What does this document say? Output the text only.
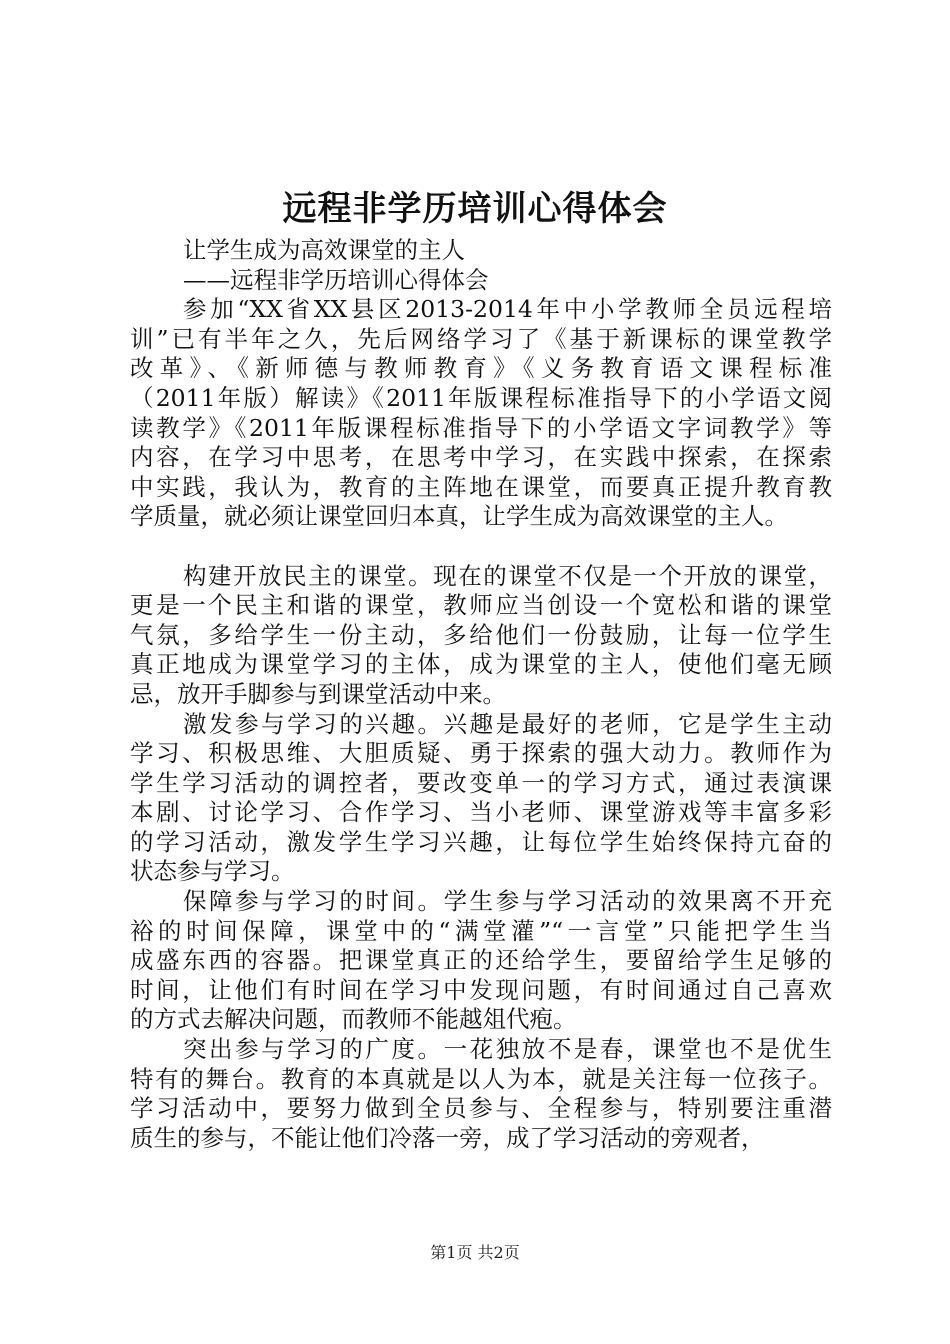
远程非学历培训心得体会
让学生成为高效课堂的主人
——远程非学历培训心得体会
参加“XX省XX县区2013-2014年中小学教师全员远程培
训”已有半年之久，先后网络学习了《基于新课标的课堂教学
改革》、《新师德与教师教育》《义务教育语文课程标准
（2011年版）解读》《2011年版课程标准指导下的小学语文阅
读教学》《2011年版课程标准指导下的小学语文字词教学》等
内容，在学习中思考，在思考中学习，在实践中探索，在探索
中实践，我认为，教育的主阵地在课堂，而要真正提升教育教
学质量，就必须让课堂回归本真，让学生成为高效课堂的主人。
构建开放民主的课堂。现在的课堂不仅是一个开放的课堂，
更是一个民主和谐的课堂，教师应当创设一个宽松和谐的课堂
气氛，多给学生一份主动，多给他们一份鼓励，让每一位学生
真正地成为课堂学习的主体，成为课堂的主人，使他们毫无顾
忌，放开手脚参与到课堂活动中来。
激发参与学习的兴趣。兴趣是最好的老师，它是学生主动
学习、积极思维、大胆质疑、勇于探索的强大动力。教师作为
学生学习活动的调控者，要改变单一的学习方式，通过表演课
本剧、讨论学习、合作学习、当小老师、课堂游戏等丰富多彩
的学习活动，激发学生学习兴趣，让每位学生始终保持亢奋的
状态参与学习。
保障参与学习的时间。学生参与学习活动的效果离不开充
裕的时间保障，课堂中的“满堂灌”“一言堂”只能把学生当
成盛东西的容器。把课堂真正的还给学生，要留给学生足够的
时间，让他们有时间在学习中发现问题，有时间通过自己喜欢
的方式去解决问题，而教师不能越俎代疱。
突出参与学习的广度。一花独放不是春，课堂也不是优生
特有的舞台。教育的本真就是以人为本，就是关注每一位孩子。
学习活动中，要努力做到全员参与、全程参与，特别要注重潜
质生的参与，不能让他们冷落一旁，成了学习活动的旁观者，
第1页 共2页
